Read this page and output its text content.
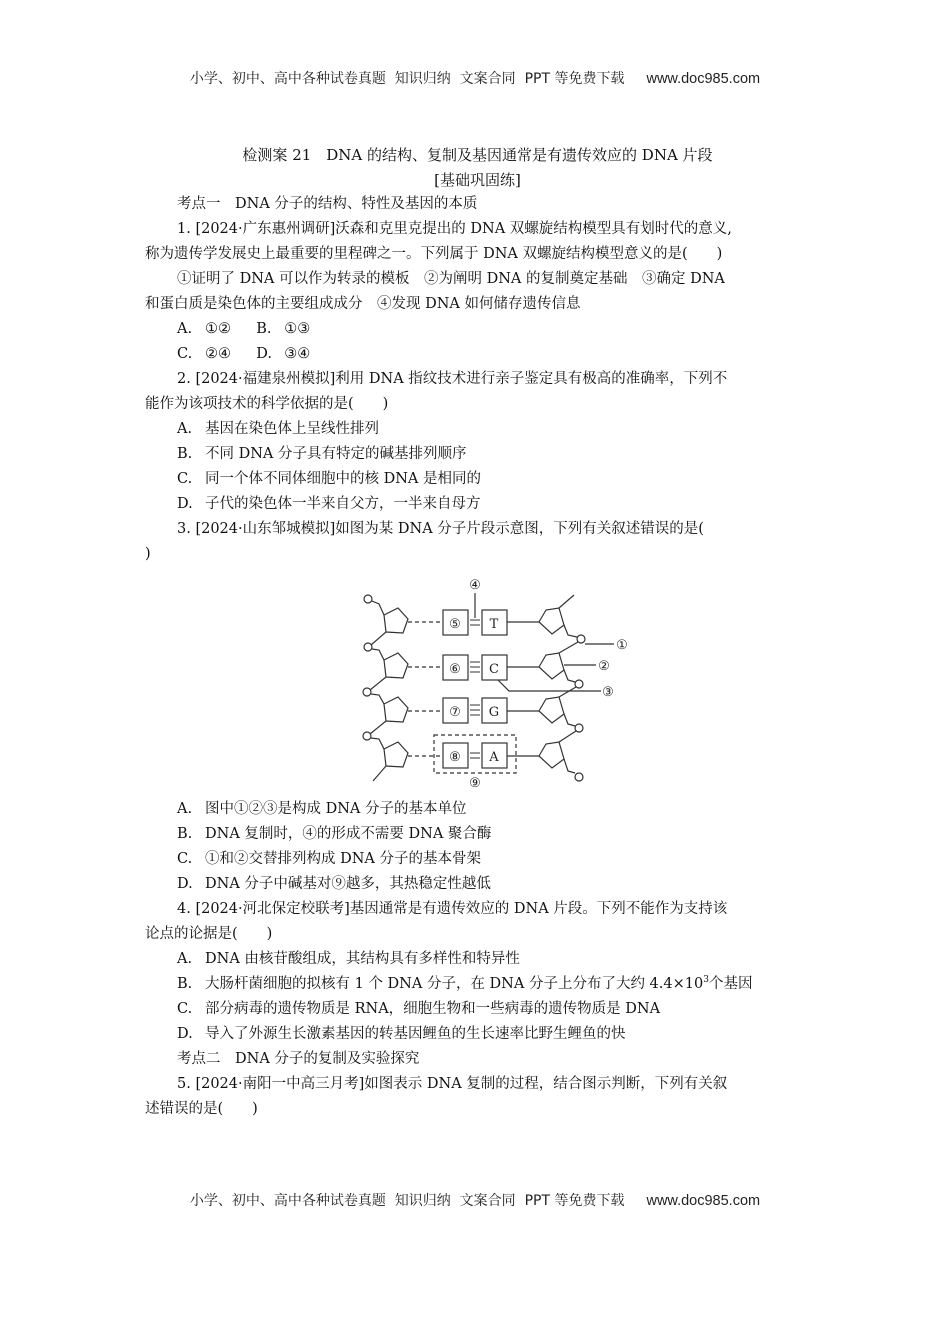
小学、初中、高中各种试卷真题  知识归纳  文案合同  PPT 等免费下载 www.doc985.com
检测案 21　DNA 的结构、复制及基因通常是有遗传效应的 DNA 片段
[基础巩固练]
考点一　DNA 分子的结构、特性及基因的本质
1. [2024·广东惠州调研]沃森和克里克提出的 DNA 双螺旋结构模型具有划时代的意义,
称为遗传学发展史上最重要的里程碑之一。下列属于 DNA 双螺旋结构模型意义的是(　　)
①证明了 DNA 可以作为转录的模板　②为阐明 DNA 的复制奠定基础　③确定 DNA
和蛋白质是染色体的主要组成成分　④发现 DNA 如何储存遗传信息
A. ①② B. ①③
C. ②④ D. ③④
2. [2024·福建泉州模拟]利用 DNA 指纹技术进行亲子鉴定具有极高的准确率，下列不
能作为该项技术的科学依据的是(　　)
A. 基因在染色体上呈线性排列
B. 不同 DNA 分子具有特定的碱基排列顺序
C. 同一个体不同体细胞中的核 DNA 是相同的
D. 子代的染色体一半来自父方，一半来自母方
3. [2024·山东邹城模拟]如图为某 DNA 分子片段示意图，下列有关叙述错误的是(
)
④
⑤
⑥
⑦
⑧
T
C
G
A
①
②
③
⑨
A. 图中①②③是构成 DNA 分子的基本单位
B. DNA 复制时，④的形成不需要 DNA 聚合酶
C. ①和②交替排列构成 DNA 分子的基本骨架
D. DNA 分子中碱基对⑨越多，其热稳定性越低
4. [2024·河北保定校联考]基因通常是有遗传效应的 DNA 片段。下列不能作为支持该
论点的论据是(　　)
A. DNA 由核苷酸组成，其结构具有多样性和特异性
B. 大肠杆菌细胞的拟核有 1 个 DNA 分子，在 DNA 分子上分布了大约 $4.4\times 10^3$个基因
C. 部分病毒的遗传物质是 RNA，细胞生物和一些病毒的遗传物质是 DNA
D. 导入了外源生长激素基因的转基因鲤鱼的生长速率比野生鲤鱼的快
考点二　DNA 分子的复制及实验探究
5. [2024·南阳一中高三月考]如图表示 DNA 复制的过程，结合图示判断，下列有关叙
述错误的是(　　)
小学、初中、高中各种试卷真题  知识归纳  文案合同  PPT 等免费下载 www.doc985.com
